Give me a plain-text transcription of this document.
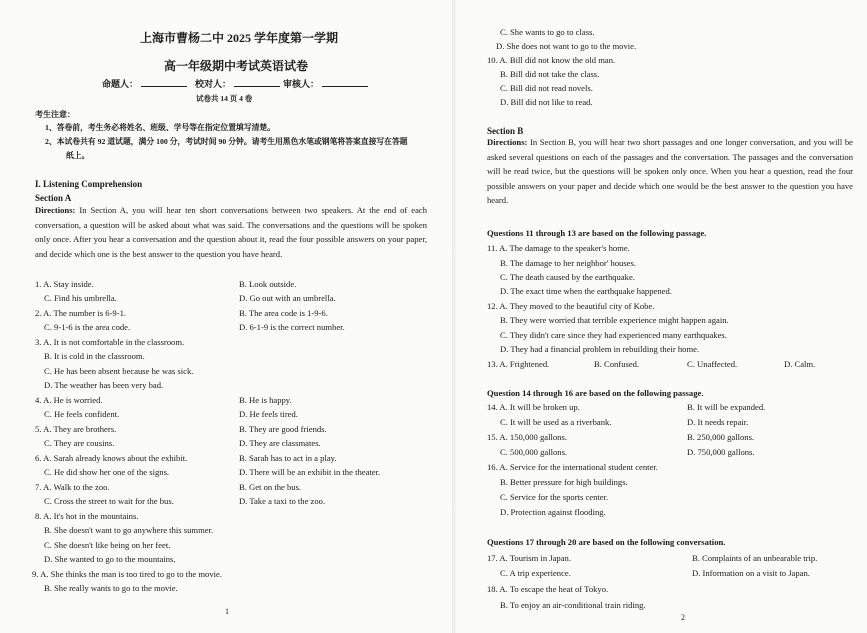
上海市曹杨二中 2025 学年度第一学期
高一年级期中考试英语试卷
命题人：	校对人：	审核人：
试卷共 14 页 4 卷
考生注意：
1、答卷前，考生务必将姓名、班级、学号等在指定位置填写清楚。
2、本试卷共有 92 道试题，满分 100 分，考试时间 90 分钟。请考生用黑色水笔或钢笔将答案直接写在答题
纸上。
I. Listening Comprehension
Section A
Directions: In Section A, you will hear ten short conversations between two speakers. At the end of each conversation, a question will be asked about what was said. The conversations and the questions will be spoken only once. After you hear a conversation and the question about it, read the four possible answers on your paper, and decide which one is the best answer to the question you have heard.
1. A. Stay inside.	B. Look outside.
C. Find his umbrella.	D. Go out with an umbrella.
2. A. The number is 6-9-1.	B. The area code is 1-9-6.
C. 9-1-6 is the area code.	D. 6-1-9 is the correct number.
3. A. It is not comfortable in the classroom.
B. It is cold in the classroom.
C. He has been absent because he was sick.
D. The weather has been very bad.
4. A. He is worried.	B. He is happy.
C. He feels confident.	D. He feels tired.
5. A. They are brothers.	B. They are good friends.
C. They are cousins.	D. They are classmates.
6. A. Sarah already knows about the exhibit.	B. Sarah has to act in a play.
C. He did show her one of the signs.	D. There will be an exhibit in the theater.
7. A. Walk to the zoo.	B. Get on the bus.
C. Cross the street to wait for the bus.	D. Take a taxi to the zoo.
8. A. It's hot in the mountains.
B. She doesn't want to go anywhere this summer.
C. She doesn't like being on her feet.
D. She wanted to go to the mountains.
9. A. She thinks the man is too tired to go to the movie.
B. She really wants to go to the movie.
1
C. She wants to go to class.
D. She does not want to go to the movie.
10. A. Bill did not know the old man.
B. Bill did not take the class.
C. Bill did not read novels.
D. Bill did not like to read.
Section B
Directions: In Section B, you will hear two short passages and one longer conversation, and you will be asked several questions on each of the passages and the conversation. The passages and the conversation will be read twice, but the questions will be spoken only once. When you hear a question, read the four possible answers on your paper and decide which one would be the best answer to the question you have heard.
Questions 11 through 13 are based on the following passage.
11. A. The damage to the speaker's home.
B. The damage to her neighbor' houses.
C. The death caused by the earthquake.
D. The exact time when the earthquake happened.
12. A. They moved to the beautiful city of Kobe.
B. They were worried that terrible experience might happen again.
C. They didn't care since they had experienced many earthquakes.
D. They had a financial problem in rebuilding their home.
13. A. Frightened.	B. Confused.	C. Unaffected.	D. Calm.
Question 14 through 16 are based on the following passage.
14. A. It will be broken up.	B. It will be expanded.
C. It will be used as a riverbank.	D. It needs repair.
15. A. 150,000 gallons.	B. 250,000 gallons.
C. 500,000 gallons.	D. 750,000 gallons.
16. A. Service for the international student center.
B. Better pressure for high buildings.
C. Service for the sports center.
D. Protection against flooding.
Questions 17 through 20 are based on the following conversation.
17. A. Tourism in Japan.	B. Complaints of an unbearable trip.
C. A trip experience.	D. Information on a visit to Japan.
18. A. To escape the heat of Tokyo.
B. To enjoy an air-conditional train riding.
2
